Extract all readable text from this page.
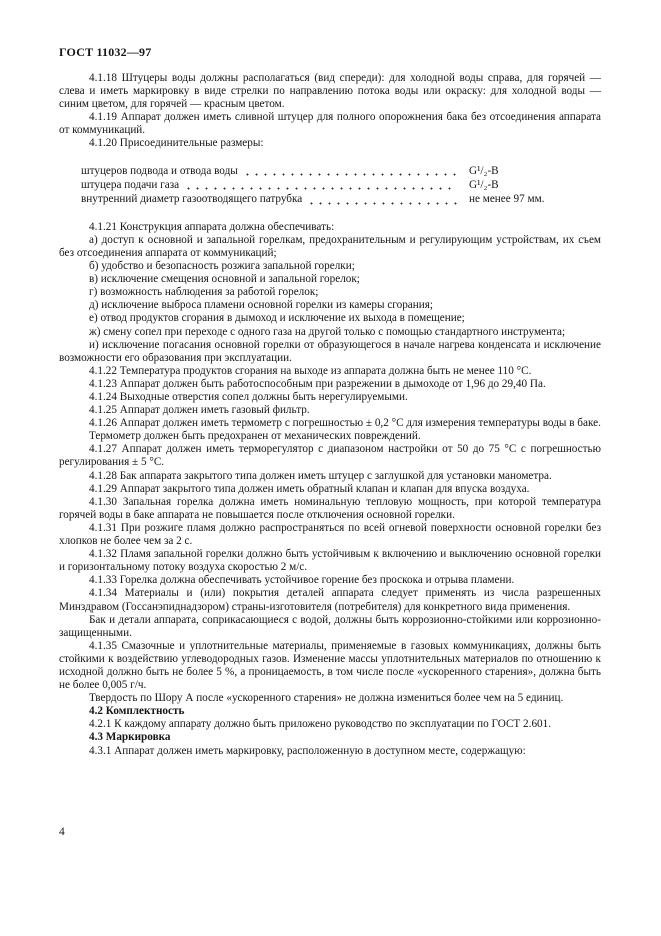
ГОСТ 11032—97

4.1.18 Штуцеры воды должны располагаться (вид спереди): для холодной воды справа, для горячей — слева и иметь маркировку в виде стрелки по направлению потока воды или окраску: для холодной воды — синим цветом, для горячей — красным цветом.

4.1.19 Аппарат должен иметь сливной штуцер для полного опорожнения бака без отсоединения аппарата от коммуникаций.

4.1.20 Присоединительные размеры:

штуцеров подвода и отвода воды	G¹/₂-В
штуцера подачи газа	G¹/₂-В
внутренний диаметр газоотводящего патрубка	не менее 97 мм.

4.1.21 Конструкция аппарата должна обеспечивать:

а) доступ к основной и запальной горелкам, предохранительным и регулирующим устройствам, их съем без отсоединения аппарата от коммуникаций;

б) удобство и безопасность розжига запальной горелки;

в) исключение смещения основной и запальной горелок;

г) возможность наблюдения за работой горелок;

д) исключение выброса пламени основной горелки из камеры сгорания;

е) отвод продуктов сгорания в дымоход и исключение их выхода в помещение;

ж) смену сопел при переходе с одного газа на другой только с помощью стандартного инструмента;

и) исключение погасания основной горелки от образующегося в начале нагрева конденсата и исключение возможности его образования при эксплуатации.

4.1.22 Температура продуктов сгорания на выходе из аппарата должна быть не менее 110 °С.

4.1.23 Аппарат должен быть работоспособным при разрежении в дымоходе от 1,96 до 29,40 Па.

4.1.24 Выходные отверстия сопел должны быть нерегулируемыми.

4.1.25 Аппарат должен иметь газовый фильтр.

4.1.26 Аппарат должен иметь термометр с погрешностью ± 0,2 °С для измерения температуры воды в баке.

Термометр должен быть предохранен от механических повреждений.

4.1.27 Аппарат должен иметь терморегулятор с диапазоном настройки от 50 до 75 °С с погрешностью регулирования ± 5 °С.

4.1.28 Бак аппарата закрытого типа должен иметь штуцер с заглушкой для установки манометра.

4.1.29 Аппарат закрытого типа должен иметь обратный клапан и клапан для впуска воздуха.

4.1.30 Запальная горелка должна иметь номинальную тепловую мощность, при которой температура горячей воды в баке аппарата не повышается после отключения основной горелки.

4.1.31 При розжиге пламя должно распространяться по всей огневой поверхности основной горелки без хлопков не более чем за 2 с.

4.1.32 Пламя запальной горелки должно быть устойчивым к включению и выключению основной горелки и горизонтальному потоку воздуха скоростью 2 м/с.

4.1.33 Горелка должна обеспечивать устойчивое горение без проскока и отрыва пламени.

4.1.34 Материалы и (или) покрытия деталей аппарата следует применять из числа разрешенных Минздравом (Госсанэпиднадзором) страны-изготовителя (потребителя) для конкретного вида применения.

Бак и детали аппарата, соприкасающиеся с водой, должны быть коррозионно-стойкими или коррозионно-защищенными.

4.1.35 Смазочные и уплотнительные материалы, применяемые в газовых коммуникациях, должны быть стойкими к воздействию углеводородных газов. Изменение массы уплотнительных материалов по отношению к исходной должно быть не более 5 %, а проницаемость, в том числе после «ускоренного старения», должна быть не более 0,005 г/ч.

Твердость по Шору А после «ускоренного старения» не должна измениться более чем на 5 единиц.

4.2 Комплектность

4.2.1 К каждому аппарату должно быть приложено руководство по эксплуатации по ГОСТ 2.601.

4.3 Маркировка

4.3.1 Аппарат должен иметь маркировку, расположенную в доступном месте, содержащую:

4
